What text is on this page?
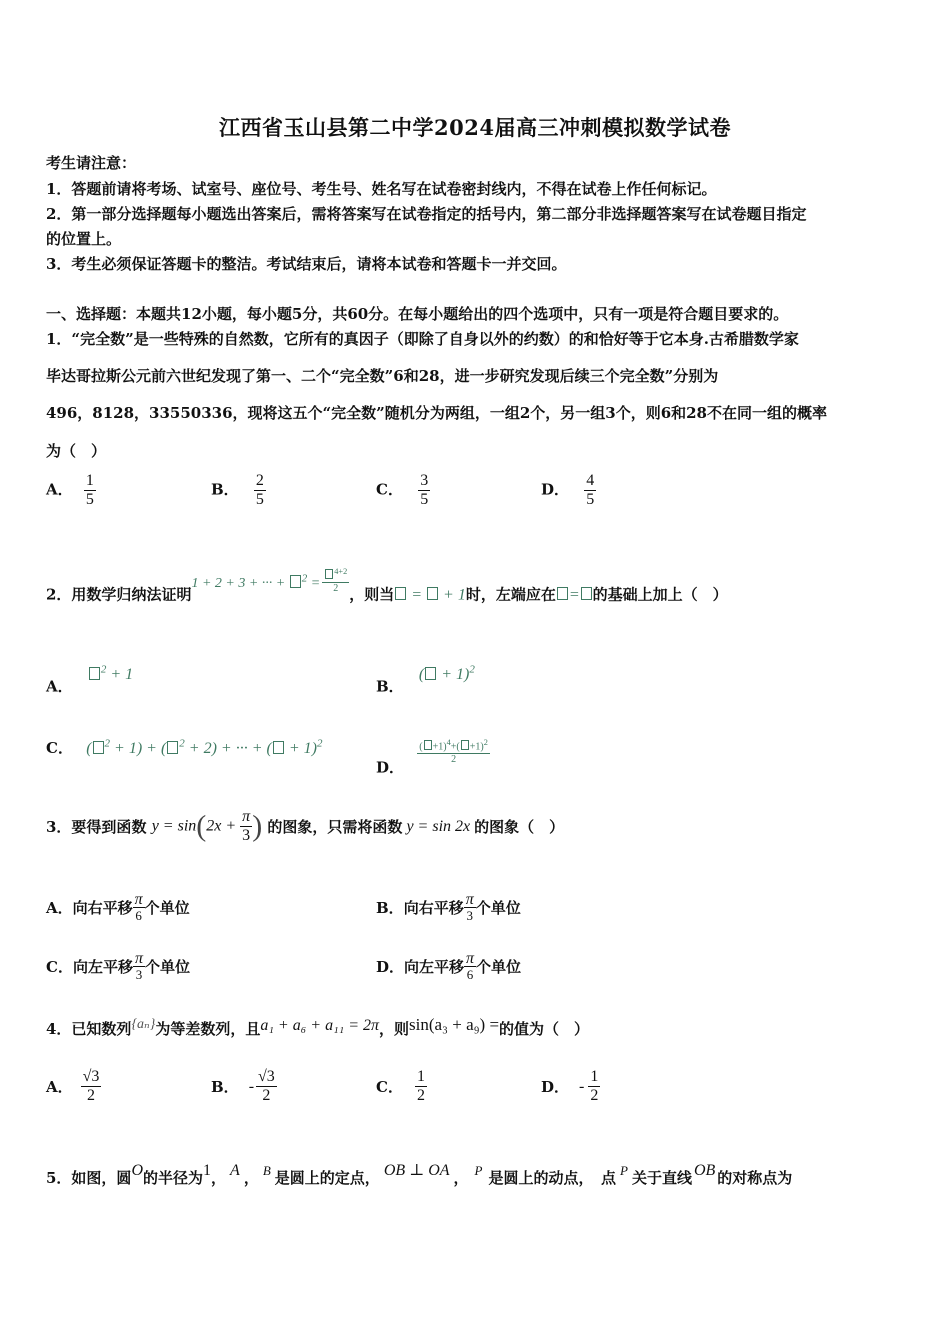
江西省玉山县第二中学2024届高三冲刺模拟数学试卷
考生请注意：
1．答题前请将考场、试室号、座位号、考生号、姓名写在试卷密封线内，不得在试卷上作任何标记。
2．第一部分选择题每小题选出答案后，需将答案写在试卷指定的括号内，第二部分非选择题答案写在试卷题目指定
的位置上。
3．考生必须保证答题卡的整洁。考试结束后，请将本试卷和答题卡一并交回。
一、选择题：本题共12小题，每小题5分，共60分。在每小题给出的四个选项中，只有一项是符合题目要求的。
1．“完全数”是一些特殊的自然数，它所有的真因子（即除了自身以外的约数）的和恰好等于它本身.古希腊数学家
毕达哥拉斯公元前六世纪发现了第一、二个“完全数”6和28，进一步研究发现后续三个完全数”分别为
496，8128，33550336，现将这五个“完全数”随机分为两组，一组2个，另一组3个，则6和28不在同一组的概率
为（　）
A． $\frac{1}{5}$	B． $\frac{2}{5}$	C． $\frac{3}{5}$	D． $\frac{4}{5}$
2．用数学归纳法证明1 + 2 + 3 + ··· + $^2 = \frac{^{4+2}}{2}$ ，则当 =  + 1时，左端应在 = 的基础上加上（　）
A． $^2$ + 1
B． ( + 1)$^2$
C． ( $^2$ + 1) + ( $^2$ + 2) + ··· + ( + 1)$^2$
D．
$\frac{( +1)^4+( +1)^2}{2}$
3．要得到函数 $y = \sin(2x + \frac{\pi}{3}$ ) 的图象，只需将函数 y = sin 2x 的图象（　）
A．向右平移 $\frac{\pi}{6}$ 个单位	B．向右平移 $\frac{\pi}{3}$ 个单位
C．向左平移 $\frac{\pi}{3}$ 个单位	D．向左平移 $\frac{\pi}{6}$ 个单位
4．已知数列{aₙ}为等差数列，且a₁ + a₆ + a₁₁ = 2π，则sin(a₃ + a₉) =的值为（　）
A． $\frac{√3}{2}$	B． - $\frac{√3}{2}$	C． $\frac{1}{2}$	D． - $\frac{1}{2}$
5．如图，圆O的半径为1， A ， B 是圆上的定点， OB ⊥ OA ， P 是圆上的动点，　点 P 关于直线 OB 的对称点为
